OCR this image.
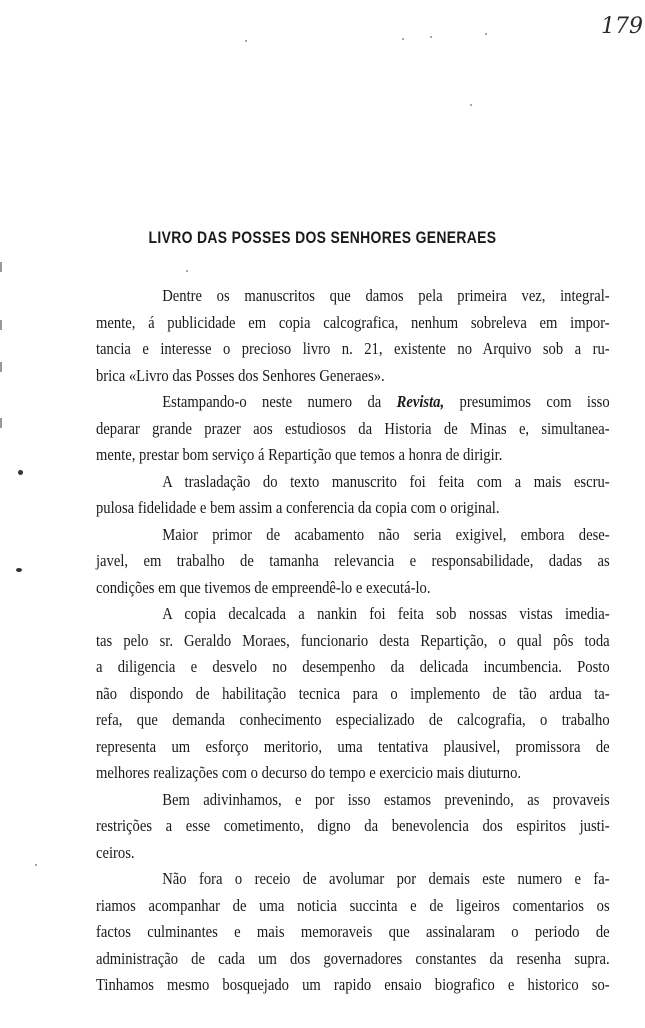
179
LIVRO DAS POSSES DOS SENHORES GENERAES
Dentre os manuscritos que damos pela primeira vez, integral-
mente, á publicidade em copia calcografica, nenhum sobreleva em impor-
tancia e interesse o precioso livro n. 21, existente no Arquivo sob a ru-
brica «Livro das Posses dos Senhores Generaes».
Estampando-o neste numero da Revista, presumimos com isso
deparar grande prazer aos estudiosos da Historia de Minas e, simultanea-
mente, prestar bom serviço á Repartição que temos a honra de dirigir.
A trasladação do texto manuscrito foi feita com a mais escru-
pulosa fidelidade e bem assim a conferencia da copia com o original.
Maior primor de acabamento não seria exigivel, embora dese-
javel, em trabalho de tamanha relevancia e responsabilidade, dadas as
condições em que tivemos de empreendê-lo e executá-lo.
A copia decalcada a nankin foi feita sob nossas vistas imedia-
tas pelo sr. Geraldo Moraes, funcionario desta Repartição, o qual pôs toda
a diligencia e desvelo no desempenho da delicada incumbencia. Posto
não dispondo de habilitação tecnica para o implemento de tão ardua ta-
refa, que demanda conhecimento especializado de calcografia, o trabalho
representa um esforço meritorio, uma tentativa plausivel, promissora de
melhores realizações com o decurso do tempo e exercicio mais diuturno.
Bem adivinhamos, e por isso estamos prevenindo, as provaveis
restrições a esse cometimento, digno da benevolencia dos espiritos justi-
ceiros.
Não fora o receio de avolumar por demais este numero e fa-
riamos acompanhar de uma noticia succinta e de ligeiros comentarios os
factos culminantes e mais memoraveis que assinalaram o periodo de
administração de cada um dos governadores constantes da resenha supra.
Tinhamos mesmo bosquejado um rapido ensaio biografico e historico so-
